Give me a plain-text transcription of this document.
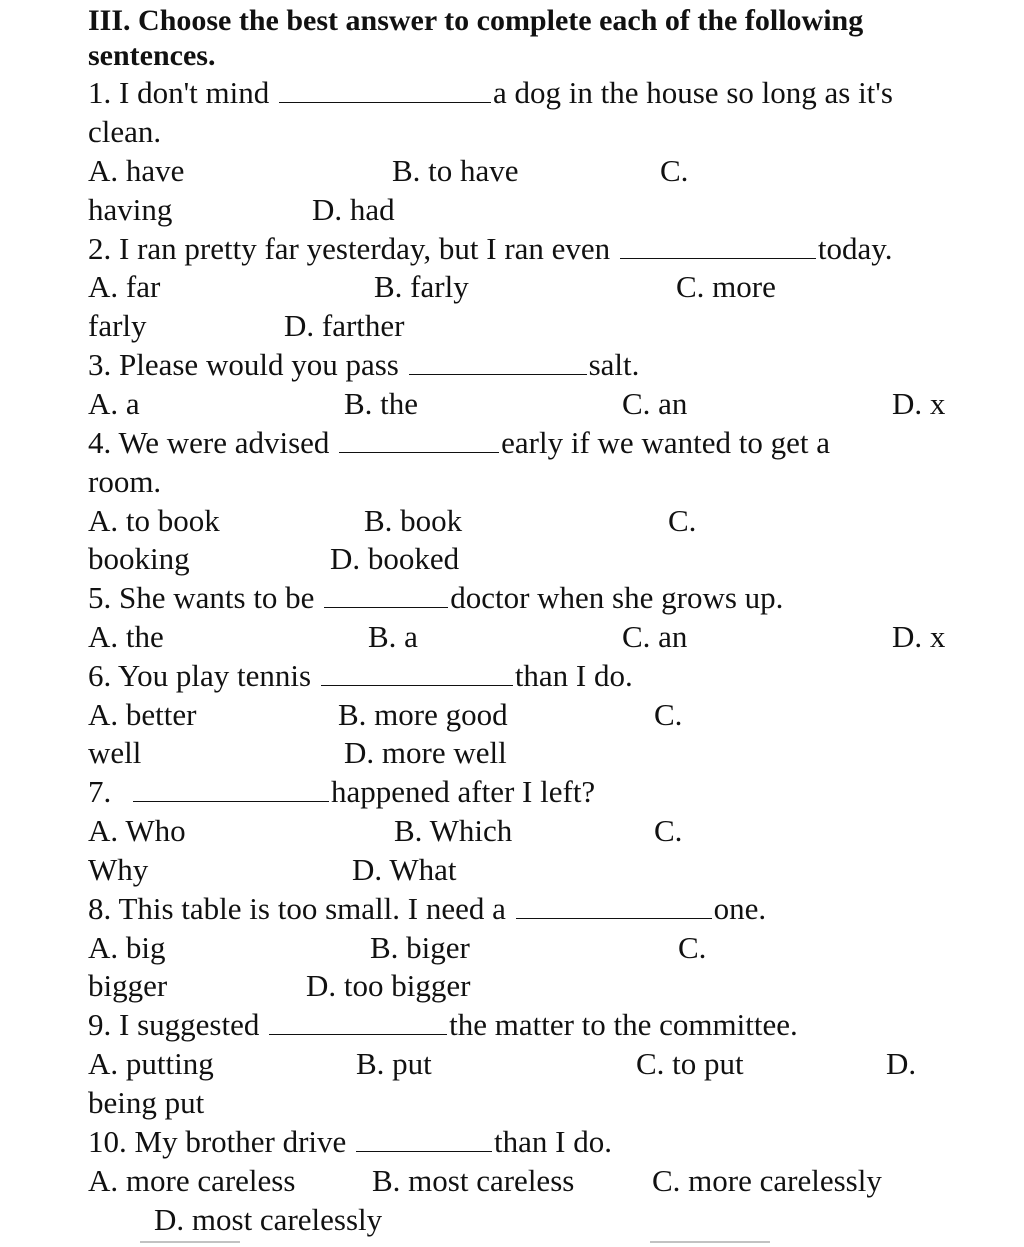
III. Choose the best answer to complete each of the following
sentences.
1. I don't mind	a dog in the house so long as it's
clean.
A. have	B. to have	C.
having	D. had
2. I ran pretty far yesterday, but I ran even	today.
A. far	B. farly	C. more
farly	D. farther
3. Please would you pass	salt.
A. a	B. the	C. an	D. x
4. We were advised	early if we wanted to get a
room.
A. to book	B. book	C.
booking	D. booked
5. She wants to be	doctor when she grows up.
A. the	B. a	C. an	D. x
6. You play tennis	than I do.
A. better	B. more good	C.
well	D. more well
7.	happened after I left?
A. Who	B. Which	C.
Why	D. What
8. This table is too small. I need a	one.
A. big	B. biger	C.
bigger	D. too bigger
9. I suggested	the matter to the committee.
A. putting	B. put	C. to put	D.
being put
10. My brother drive	than I do.
A. more careless B. most careless	C. more carelessly
D. most carelessly
